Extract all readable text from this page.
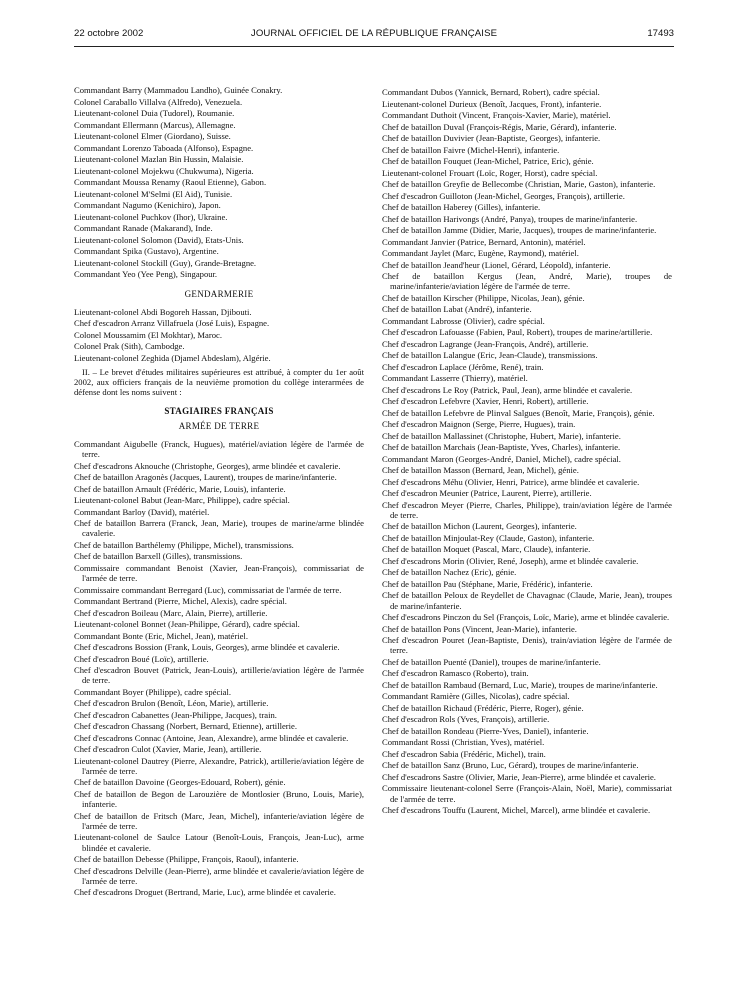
22 octobre 2002	JOURNAL OFFICIEL DE LA RÉPUBLIQUE FRANÇAISE	17493
Commandant Barry (Mammadou Landho), Guinée Conakry.
Colonel Caraballo Villalva (Alfredo), Venezuela.
Lieutenant-colonel Duia (Tudorel), Roumanie.
Commandant Ellermann (Marcus), Allemagne.
Lieutenant-colonel Elmer (Giordano), Suisse.
Commandant Lorenzo Taboada (Alfonso), Espagne.
Lieutenant-colonel Mazlan Bin Hussin, Malaisie.
Lieutenant-colonel Mojekwu (Chukwuma), Nigeria.
Commandant Moussa Renamy (Raoul Etienne), Gabon.
Lieutenant-colonel M'Selmi (El Aid), Tunisie.
Commandant Nagumo (Kenichiro), Japon.
Lieutenant-colonel Puchkov (Ihor), Ukraine.
Commandant Ranade (Makarand), Inde.
Lieutenant-colonel Solomon (David), Etats-Unis.
Commandant Spika (Gustavo), Argentine.
Lieutenant-colonel Stockill (Guy), Grande-Bretagne.
Commandant Yeo (Yee Peng), Singapour.
GENDARMERIE
Lieutenant-colonel Abdi Bogoreh Hassan, Djibouti.
Chef d'escadron Arranz Villafruela (José Luis), Espagne.
Colonel Moussamim (El Mokhtar), Maroc.
Colonel Prak (Sith), Cambodge.
Lieutenant-colonel Zeghida (Djamel Abdeslam), Algérie.
II. – Le brevet d'études militaires supérieures est attribué, à compter du 1er août 2002, aux officiers français de la neuvième promotion du collège interarmées de défense dont les noms suivent :
STAGIAIRES FRANÇAIS
ARMÉE DE TERRE
Commandant Aigubelle (Franck, Hugues), matériel/aviation légère de l'armée de terre.
Chef d'escadrons Aknouche (Christophe, Georges), arme blindée et cavalerie.
Chef de bataillon Aragonès (Jacques, Laurent), troupes de marine/infanterie.
Chef de bataillon Arnault (Frédéric, Marie, Louis), infanterie.
Lieutenant-colonel Babut (Jean-Marc, Philippe), cadre spécial.
Commandant Barloy (David), matériel.
Chef de bataillon Barrera (Franck, Jean, Marie), troupes de marine/arme blindée cavalerie.
Chef de bataillon Barthélemy (Philippe, Michel), transmissions.
Chef de bataillon Barxell (Gilles), transmissions.
Commissaire commandant Benoist (Xavier, Jean-François), commissariat de l'armée de terre.
Commissaire commandant Berregard (Luc), commissariat de l'armée de terre.
Commandant Bertrand (Pierre, Michel, Alexis), cadre spécial.
Chef d'escadron Boileau (Marc, Alain, Pierre), artillerie.
Lieutenant-colonel Bonnet (Jean-Philippe, Gérard), cadre spécial.
Commandant Bonte (Eric, Michel, Jean), matériel.
Chef d'escadrons Bossion (Frank, Louis, Georges), arme blindée et cavalerie.
Chef d'escadron Boué (Loïc), artillerie.
Chef d'escadron Bouvet (Patrick, Jean-Louis), artillerie/aviation légère de l'armée de terre.
Commandant Boyer (Philippe), cadre spécial.
Chef d'escadron Brulon (Benoît, Léon, Marie), artillerie.
Chef d'escadron Cabanettes (Jean-Philippe, Jacques), train.
Chef d'escadron Chassang (Norbert, Bernard, Etienne), artillerie.
Chef d'escadrons Connac (Antoine, Jean, Alexandre), arme blindée et cavalerie.
Chef d'escadron Culot (Xavier, Marie, Jean), artillerie.
Lieutenant-colonel Dautrey (Pierre, Alexandre, Patrick), artillerie/aviation légère de l'armée de terre.
Chef de bataillon Davoine (Georges-Edouard, Robert), génie.
Chef de bataillon de Begon de Larouzière de Montlosier (Bruno, Louis, Marie), infanterie.
Chef de bataillon de Fritsch (Marc, Jean, Michel), infanterie/aviation légère de l'armée de terre.
Lieutenant-colonel de Saulce Latour (Benoît-Louis, François, Jean-Luc), arme blindée et cavalerie.
Chef de bataillon Debesse (Philippe, François, Raoul), infanterie.
Chef d'escadrons Delville (Jean-Pierre), arme blindée et cavalerie/aviation légère de l'armée de terre.
Chef d'escadrons Droguet (Bertrand, Marie, Luc), arme blindée et cavalerie.
Commandant Dubos (Yannick, Bernard, Robert), cadre spécial.
Lieutenant-colonel Durieux (Benoît, Jacques, Front), infanterie.
Commandant Duthoit (Vincent, François-Xavier, Marie), matériel.
Chef de bataillon Duval (François-Régis, Marie, Gérard), infanterie.
Chef de bataillon Duvivier (Jean-Baptiste, Georges), infanterie.
Chef de bataillon Faivre (Michel-Henri), infanterie.
Chef de bataillon Fouquet (Jean-Michel, Patrice, Eric), génie.
Lieutenant-colonel Frouart (Loïc, Roger, Horst), cadre spécial.
Chef de bataillon Greyfie de Bellecombe (Christian, Marie, Gaston), infanterie.
Chef d'escadron Guilloton (Jean-Michel, Georges, François), artillerie.
Chef de bataillon Haberey (Gilles), infanterie.
Chef de bataillon Harivongs (André, Panya), troupes de marine/infanterie.
Chef de bataillon Jamme (Didier, Marie, Jacques), troupes de marine/infanterie.
Commandant Janvier (Patrice, Bernard, Antonin), matériel.
Commandant Jaylet (Marc, Eugène, Raymond), matériel.
Chef de bataillon Jeand'heur (Lionel, Gérard, Léopold), infanterie.
Chef de bataillon Kergus (Jean, André, Marie), troupes de marine/infanterie/aviation légère de l'armée de terre.
Chef de bataillon Kirscher (Philippe, Nicolas, Jean), génie.
Chef de bataillon Labat (André), infanterie.
Commandant Labrosse (Olivier), cadre spécial.
Chef d'escadron Lafouasse (Fabien, Paul, Robert), troupes de marine/artillerie.
Chef d'escadron Lagrange (Jean-François, André), artillerie.
Chef de bataillon Lalangue (Eric, Jean-Claude), transmissions.
Chef d'escadron Laplace (Jérôme, René), train.
Commandant Lasserre (Thierry), matériel.
Chef d'escadrons Le Roy (Patrick, Paul, Jean), arme blindée et cavalerie.
Chef d'escadron Lefebvre (Xavier, Henri, Robert), artillerie.
Chef de bataillon Lefebvre de Plinval Salgues (Benoît, Marie, François), génie.
Chef d'escadron Maignon (Serge, Pierre, Hugues), train.
Chef de bataillon Mallassinet (Christophe, Hubert, Marie), infanterie.
Chef de bataillon Marchais (Jean-Baptiste, Yves, Charles), infanterie.
Commandant Maron (Georges-André, Daniel, Michel), cadre spécial.
Chef de bataillon Masson (Bernard, Jean, Michel), génie.
Chef d'escadrons Méhu (Olivier, Henri, Patrice), arme blindée et cavalerie.
Chef d'escadron Meunier (Patrice, Laurent, Pierre), artillerie.
Chef d'escadron Meyer (Pierre, Charles, Philippe), train/aviation légère de l'armée de terre.
Chef de bataillon Michon (Laurent, Georges), infanterie.
Chef de bataillon Minjoulat-Rey (Claude, Gaston), infanterie.
Chef de bataillon Moquet (Pascal, Marc, Claude), infanterie.
Chef d'escadrons Morin (Olivier, René, Joseph), arme et blindée cavalerie.
Chef de bataillon Nachez (Eric), génie.
Chef de bataillon Pau (Stéphane, Marie, Frédéric), infanterie.
Chef de bataillon Peloux de Reydellet de Chavagnac (Claude, Marie, Jean), troupes de marine/infanterie.
Chef d'escadrons Pinczon du Sel (François, Loïc, Marie), arme et blindée cavalerie.
Chef de bataillon Pons (Vincent, Jean-Marie), infanterie.
Chef d'escadron Pouret (Jean-Baptiste, Denis), train/aviation légère de l'armée de terre.
Chef de bataillon Puenté (Daniel), troupes de marine/infanterie.
Chef d'escadron Ramasco (Roberto), train.
Chef de bataillon Rambaud (Bernard, Luc, Marie), troupes de marine/infanterie.
Commandant Ramière (Gilles, Nicolas), cadre spécial.
Chef de bataillon Richaud (Frédéric, Pierre, Roger), génie.
Chef d'escadron Rols (Yves, François), artillerie.
Chef de bataillon Rondeau (Pierre-Yves, Daniel), infanterie.
Commandant Rossi (Christian, Yves), matériel.
Chef d'escadron Sabia (Frédéric, Michel), train.
Chef de bataillon Sanz (Bruno, Luc, Gérard), troupes de marine/infanterie.
Chef d'escadrons Sastre (Olivier, Marie, Jean-Pierre), arme blindée et cavalerie.
Commissaire lieutenant-colonel Serre (François-Alain, Noël, Marie), commissariat de l'armée de terre.
Chef d'escadrons Touffu (Laurent, Michel, Marcel), arme blindée et cavalerie.
